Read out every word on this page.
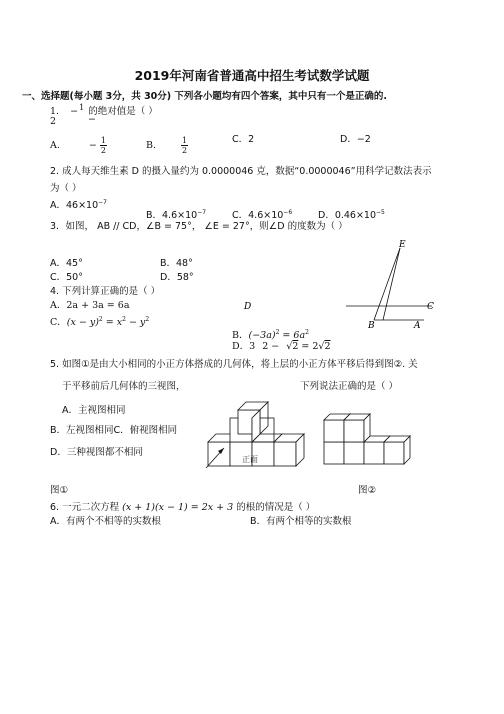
2019年河南省普通高中招生考试数学试题
一、选择题(每小题 3分，共 30分) 下列各小题均有四个答案，其中只有一个是正确的.
1. − 1 的绝对值是（ ）
2	−
A.	− $\frac{1}{2}$	B.	$\frac{1}{2}$	C．2	D．−2
2. 成人每天维生素 D 的摄入量约为 0.0000046 克，数据“0.0000046”用科学记数法表示
为（ ）
A．$46\times 10^{-7}$
B．$4.6\times 10^{-7}$	C．$4.6\times 10^{-6}$	D．$0.46\times 10^{-5}$
3．如图， AB // CD，∠B = 75°， ∠E = 27°，则∠D 的度数为（ ）
A．45°	B．48°
C．50°	D．58°
E
D	C
B	A
4. 下列计算正确的是（ ）
A．2a + 3a = 6a
C．$(x - y)^2 = x^2 - y^2$
B．$(-3a)^2 = 6a^2$
D．3 2 − √2 = 2√2
5. 如图①是由大小相同的小正方体搭成的几何体，将上层的小正方体平移后得到图②. 关
于平移前后几何体的三视图，	下列说法正确的是（ ）
A．主视图相同
B．左视图相同C．俯视图相同
D．三种视图都不相同
正面
图①	图②
6. 一元二次方程 (x + 1)(x − 1) = 2x + 3 的根的情况是（ ）
A．有两个不相等的实数根	B．有两个相等的实数根
